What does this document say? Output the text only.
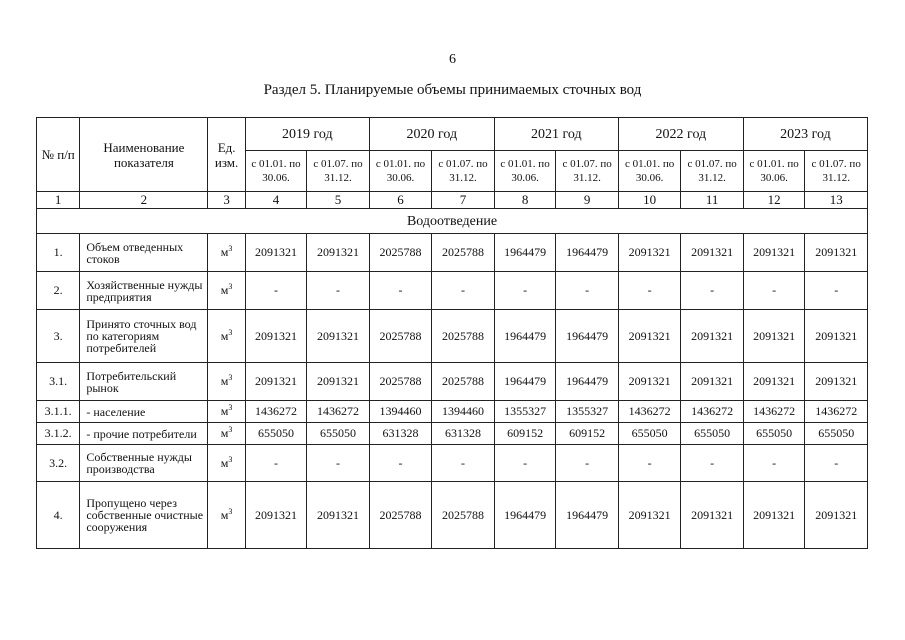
6
Раздел 5. Планируемые объемы принимаемых сточных вод
№ п/п	Наименование показателя	Ед. изм.	2019 год		2020 год		2021 год		2022 год		2023 год	
			с 01.01. по 30.06.	с 01.07. по 31.12.	с 01.01. по 30.06.	с 01.07. по 31.12.	с 01.01. по 30.06.	с 01.07. по 31.12.	с 01.01. по 30.06.	с 01.07. по 31.12.	с 01.01. по 30.06.	с 01.07. по 31.12.
1	2	3	4	5	6	7	8	9	10	11	12	13
Водоотведение												
1.	Объем отведенных стоков	$м^3$	2091321	2091321	2025788	2025788	1964479	1964479	2091321	2091321	2091321	2091321
2.	Хозяйственные нужды предприятия	$м^3$	-	-	-	-	-	-	-	-	-	-
3.	Принято сточных вод по категориям потребителей	$м^3$	2091321	2091321	2025788	2025788	1964479	1964479	2091321	2091321	2091321	2091321
3.1.	Потребительский рынок	$м^3$	2091321	2091321	2025788	2025788	1964479	1964479	2091321	2091321	2091321	2091321
3.1.1.	- население	$м^3$	1436272	1436272	1394460	1394460	1355327	1355327	1436272	1436272	1436272	1436272
3.1.2.	- прочие потребители	$м^3$	655050	655050	631328	631328	609152	609152	655050	655050	655050	655050
3.2.	Собственные нужды производства	$м^3$	-	-	-	-	-	-	-	-	-	-
4.	Пропущено через собственные очистные сооружения	$м^3$	2091321	2091321	2025788	2025788	1964479	1964479	2091321	2091321	2091321	2091321
